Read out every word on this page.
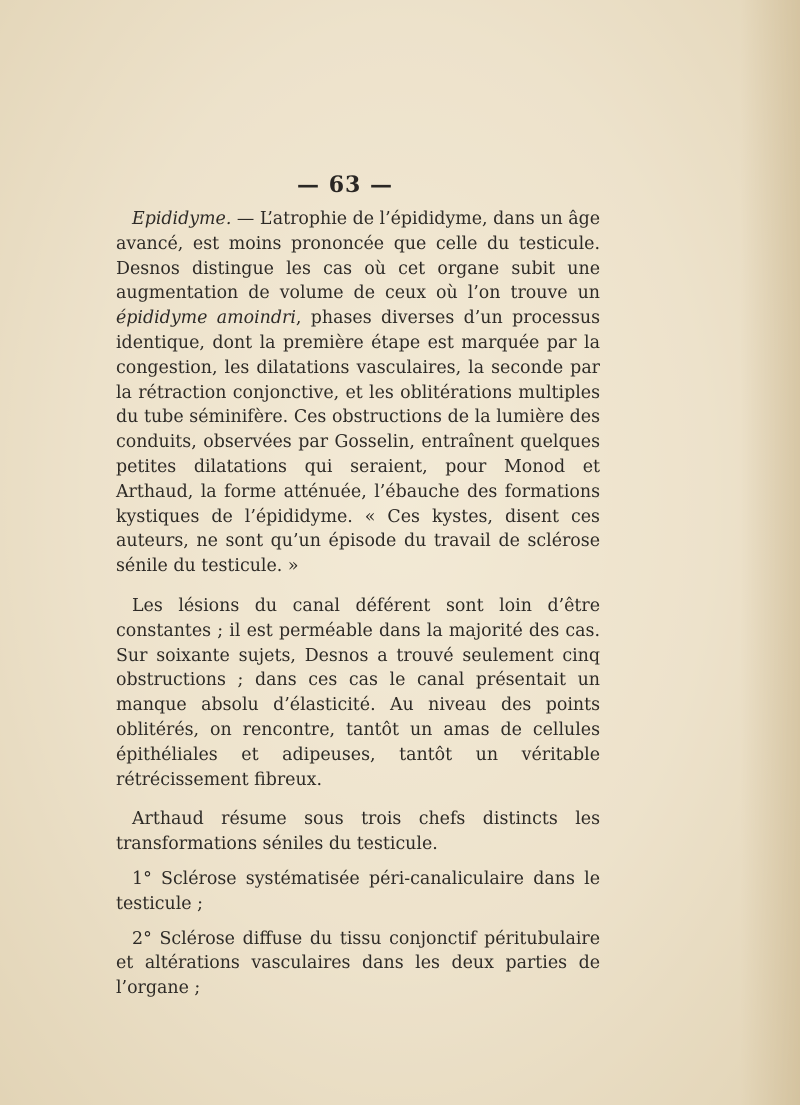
— 63 —

Epididyme. — L’atrophie de l’épididyme, dans un âge avancé, est moins prononcée que celle du testicule. Desnos distingue les cas où cet organe subit une augmentation de volume de ceux où l’on trouve un épididyme amoindri, phases diverses d’un processus identique, dont la première étape est marquée par la congestion, les dilatations vasculaires, la seconde par la rétraction conjonctive, et les oblitérations multiples du tube séminifère. Ces obstructions de la lumière des conduits, observées par Gosselin, entraînent quelques petites dilatations qui seraient, pour Monod et Arthaud, la forme atténuée, l’ébauche des formations kystiques de l’épididyme. « Ces kystes, disent ces auteurs, ne sont qu’un épisode du travail de sclérose sénile du testicule. »

Les lésions du canal déférent sont loin d’être constantes ; il est perméable dans la majorité des cas. Sur soixante sujets, Desnos a trouvé seulement cinq obstructions ; dans ces cas le canal présentait un manque absolu d’élasticité. Au niveau des points oblitérés, on rencontre, tantôt un amas de cellules épithéliales et adipeuses, tantôt un véritable rétrécissement fibreux.

Arthaud résume sous trois chefs distincts les transformations séniles du testicule.

1° Sclérose systématisée péri-canaliculaire dans le testicule ;

2° Sclérose diffuse du tissu conjonctif péritubulaire et altérations vasculaires dans les deux parties de l’organe ;
